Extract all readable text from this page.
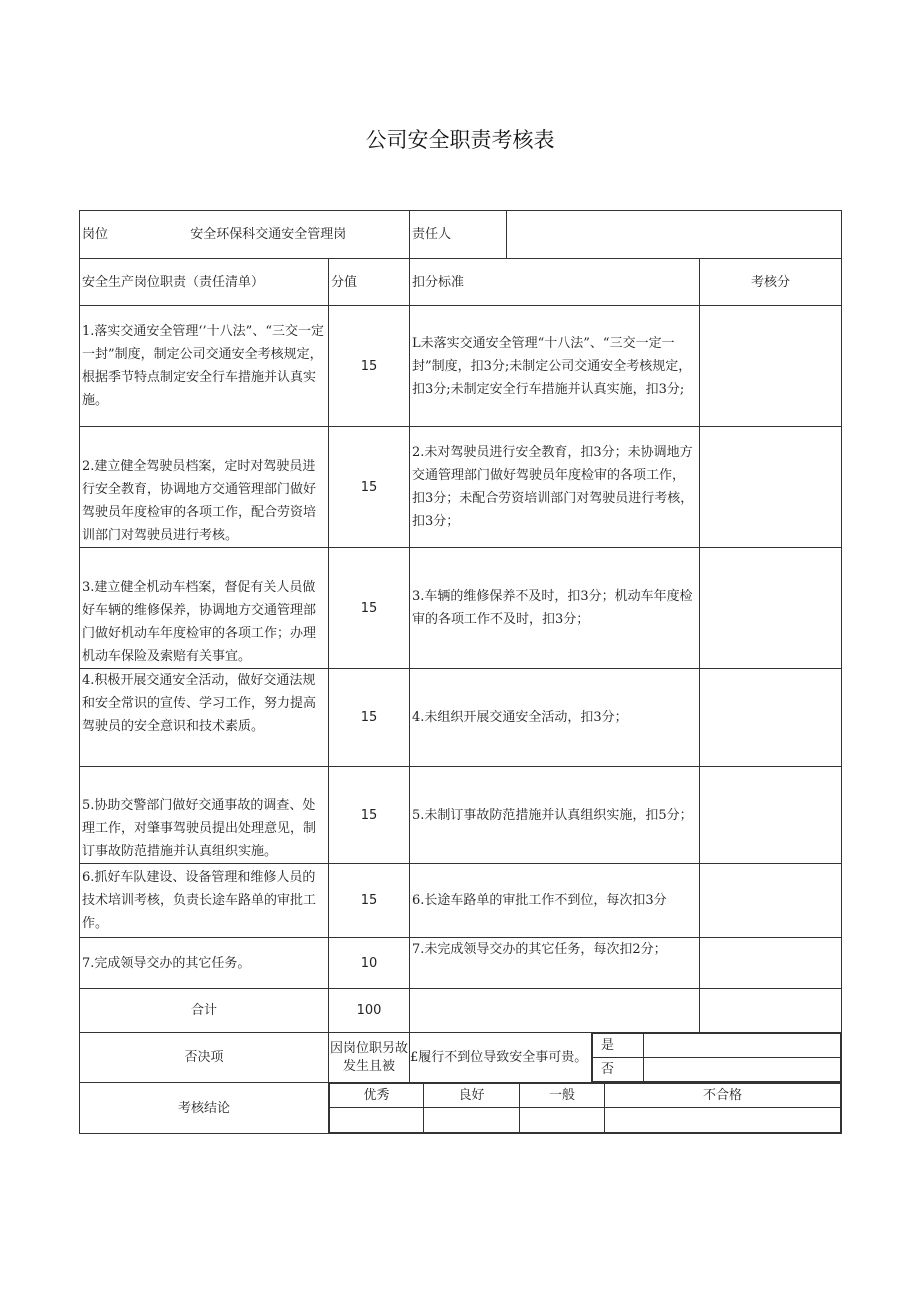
公司安全职责考核表
岗位	安全环保科交通安全管理岗	责任人	
安全生产岗位职责（责任清单）	分值	扣分标准	考核分
1.落实交通安全管理‘’十八法”、“三交一定一封”制度，制定公司交通安全考核规定，根据季节特点制定安全行车措施并认真实施。	15	L未落实交通安全管理“十八法”、“三交一定一封”制度，扣3分;未制定公司交通安全考核规定，扣3分;未制定安全行车措施并认真实施，扣3分;	
2.建立健全驾驶员档案，定时对驾驶员进行安全教育，协调地方交通管理部门做好驾驶员年度检审的各项工作，配合劳资培训部门对驾驶员进行考核。	15	2.未对驾驶员进行安全教育，扣3分；未协调地方交通管理部门做好驾驶员年度检审的各项工作，扣3分；未配合劳资培训部门对驾驶员进行考核，扣3分；	
3.建立健全机动车档案，督促有关人员做好车辆的维修保养，协调地方交通管理部门做好机动车年度检审的各项工作；办理机动车保险及索赔有关事宜。	15	3.车辆的维修保养不及时，扣3分；机动车年度检审的各项工作不及时，扣3分；	
4.积极开展交通安全活动，做好交通法规和安全常识的宣传、学习工作，努力提高驾驶员的安全意识和技术素质。	15	4.未组织开展交通安全活动，扣3分；	
5.协助交警部门做好交通事故的调查、处理工作，对肇事驾驶员提出处理意见，制订事故防范措施并认真组织实施。	15	5.未制订事故防范措施并认真组织实施，扣5分；	
6.抓好车队建设、设备管理和维修人员的技术培训考核，负责长途车路单的审批工作。	15	6.长途车路单的审批工作不到位，每次扣3分

7.完成领导交办的其它任务。	10	7.未完成领导交办的其它任务，每次扣2分；	
合计	100		
否决项	因岗位职另故发生且被	£履行不到位导致安全事可贵。	
是	
否	

考核结论	
优秀	良好	一般	不合格
